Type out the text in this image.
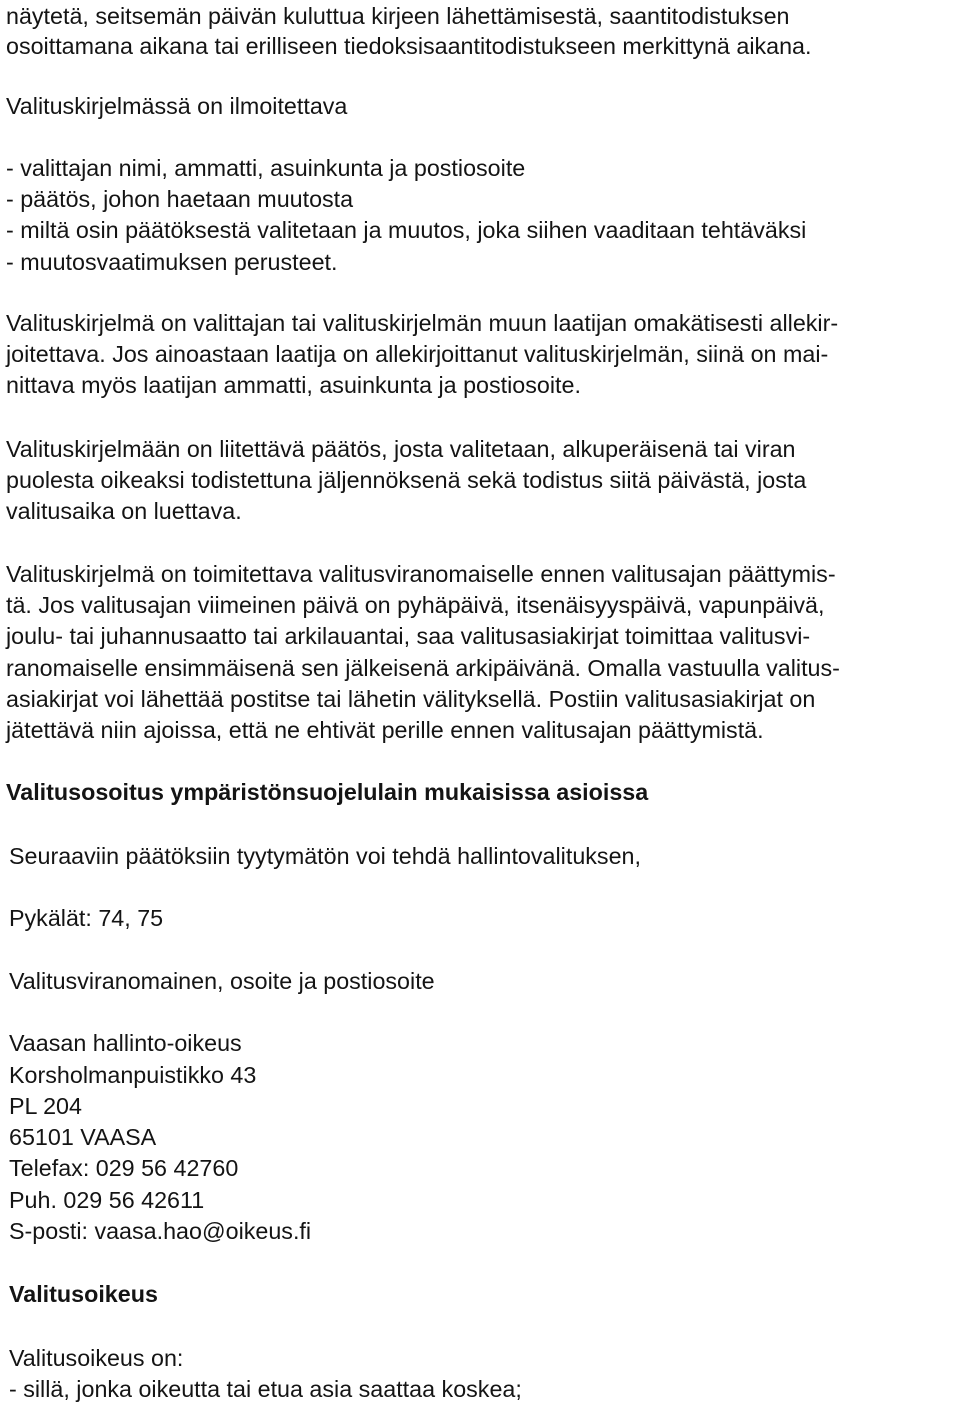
näytetä, seitsemän päivän kuluttua kirjeen lähettämisestä, saantitodistuksen

osoittamana aikana tai erilliseen tiedoksisaantitodistukseen merkittynä aikana.

Valituskirjelmässä on ilmoitettava

- valittajan nimi, ammatti, asuinkunta ja postiosoite

- päätös, johon haetaan muutosta

- miltä osin päätöksestä valitetaan ja muutos, joka siihen vaaditaan tehtäväksi

- muutosvaatimuksen perusteet.

Valituskirjelmä on valittajan tai valituskirjelmän muun laatijan omakätisesti allekir-

joitettava. Jos ainoastaan laatija on allekirjoittanut valituskirjelmän, siinä on mai-

nittava myös laatijan ammatti, asuinkunta ja postiosoite.

Valituskirjelmään on liitettävä päätös, josta valitetaan, alkuperäisenä tai viran

puolesta oikeaksi todistettuna jäljennöksenä sekä todistus siitä päivästä, josta

valitusaika on luettava.

Valituskirjelmä on toimitettava valitusviranomaiselle ennen valitusajan päättymis-

tä. Jos valitusajan viimeinen päivä on pyhäpäivä, itsenäisyyspäivä, vapunpäivä,

joulu- tai juhannusaatto tai arkilauantai, saa valitusasiakirjat toimittaa valitusvi-

ranomaiselle ensimmäisenä sen jälkeisenä arkipäivänä. Omalla vastuulla valitus-

asiakirjat voi lähettää postitse tai lähetin välityksellä. Postiin valitusasiakirjat on

jätettävä niin ajoissa, että ne ehtivät perille ennen valitusajan päättymistä.

Valitusosoitus ympäristönsuojelulain mukaisissa asioissa

Seuraaviin päätöksiin tyytymätön voi tehdä hallintovalituksen,

Pykälät: 74, 75

Valitusviranomainen, osoite ja postiosoite

Vaasan hallinto-oikeus

Korsholmanpuistikko 43

PL 204

65101 VAASA

Telefax: 029 56 42760

Puh. 029 56 42611

S-posti: vaasa.hao@oikeus.fi

Valitusoikeus

Valitusoikeus on:

- sillä, jonka oikeutta tai etua asia saattaa koskea;
